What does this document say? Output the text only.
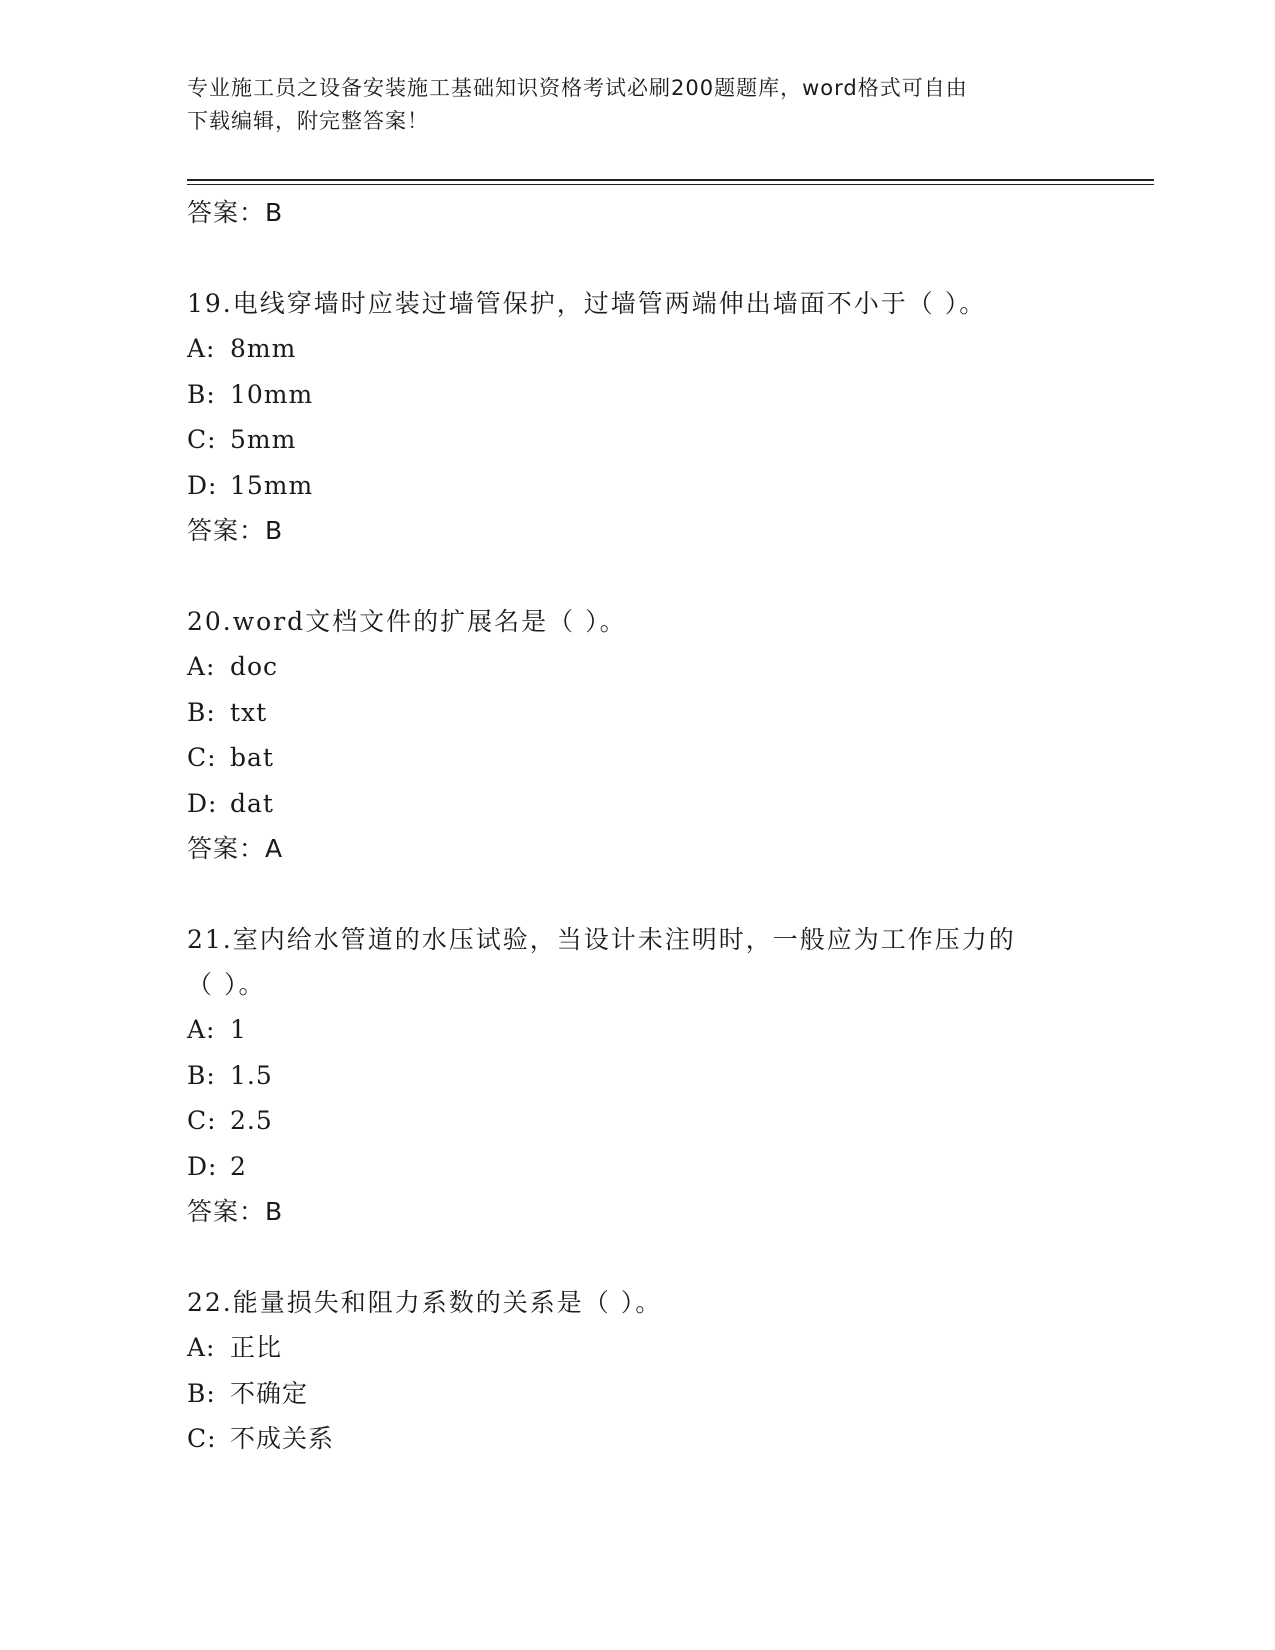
专业施工员之设备安装施工基础知识资格考试必刷200题题库，word格式可自由
下载编辑，附完整答案！
答案：B
19.电线穿墙时应装过墙管保护，过墙管两端伸出墙面不小于（ ）。
A: 8mm
B: 10mm
C: 5mm
D: 15mm
答案：B
20.word文档文件的扩展名是（ ）。
A: doc
B: txt
C: bat
D: dat
答案：A
21.室内给水管道的水压试验，当设计未注明时，一般应为工作压力的
（ ）。
A: 1
B: 1.5
C: 2.5
D: 2
答案：B
22.能量损失和阻力系数的关系是（ ）。
A: 正比
B: 不确定
C: 不成关系
